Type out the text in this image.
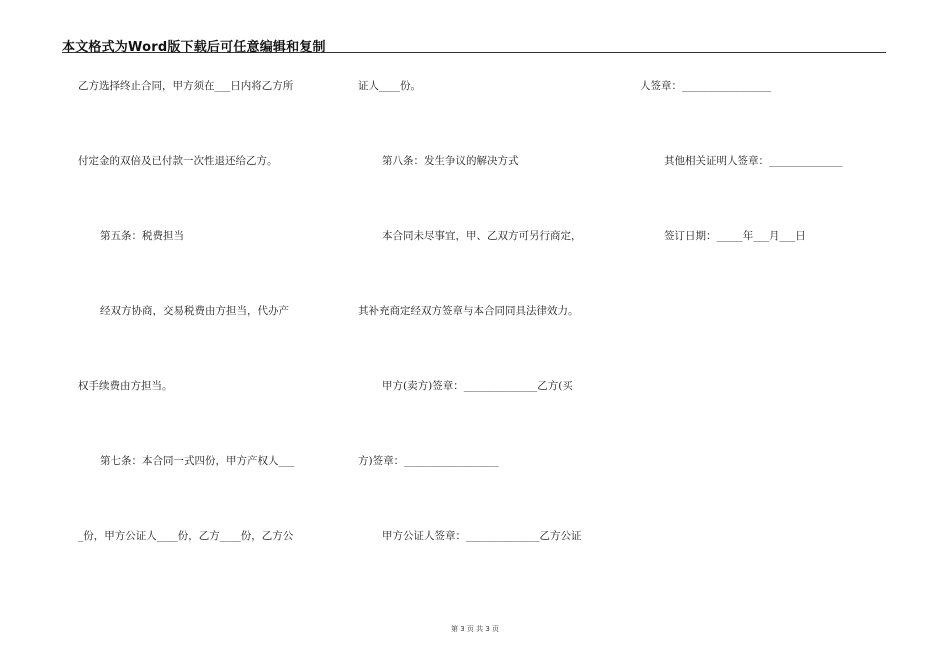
本文格式为Word版下载后可任意编辑和复制
乙方选择终止合同，甲方须在___日内将乙方所
付定金的双倍及已付款一次性退还给乙方。
第五条：税费担当
经双方协商，交易税费由方担当，代办产
权手续费由方担当。
第七条：本合同一式四份，甲方产权人___
_份，甲方公证人____份，乙方____份，乙方公
证人____份。
第八条：发生争议的解决方式
本合同未尽事宜，甲、乙双方可另行商定，
其补充商定经双方签章与本合同同具法律效力。
甲方(卖方)签章：______________乙方(买
方)签章：__________________
甲方公证人签章：______________乙方公证
人签章：_________________
其他相关证明人签章：______________
签订日期：_____年___月___日
第 3 页 共 3 页
